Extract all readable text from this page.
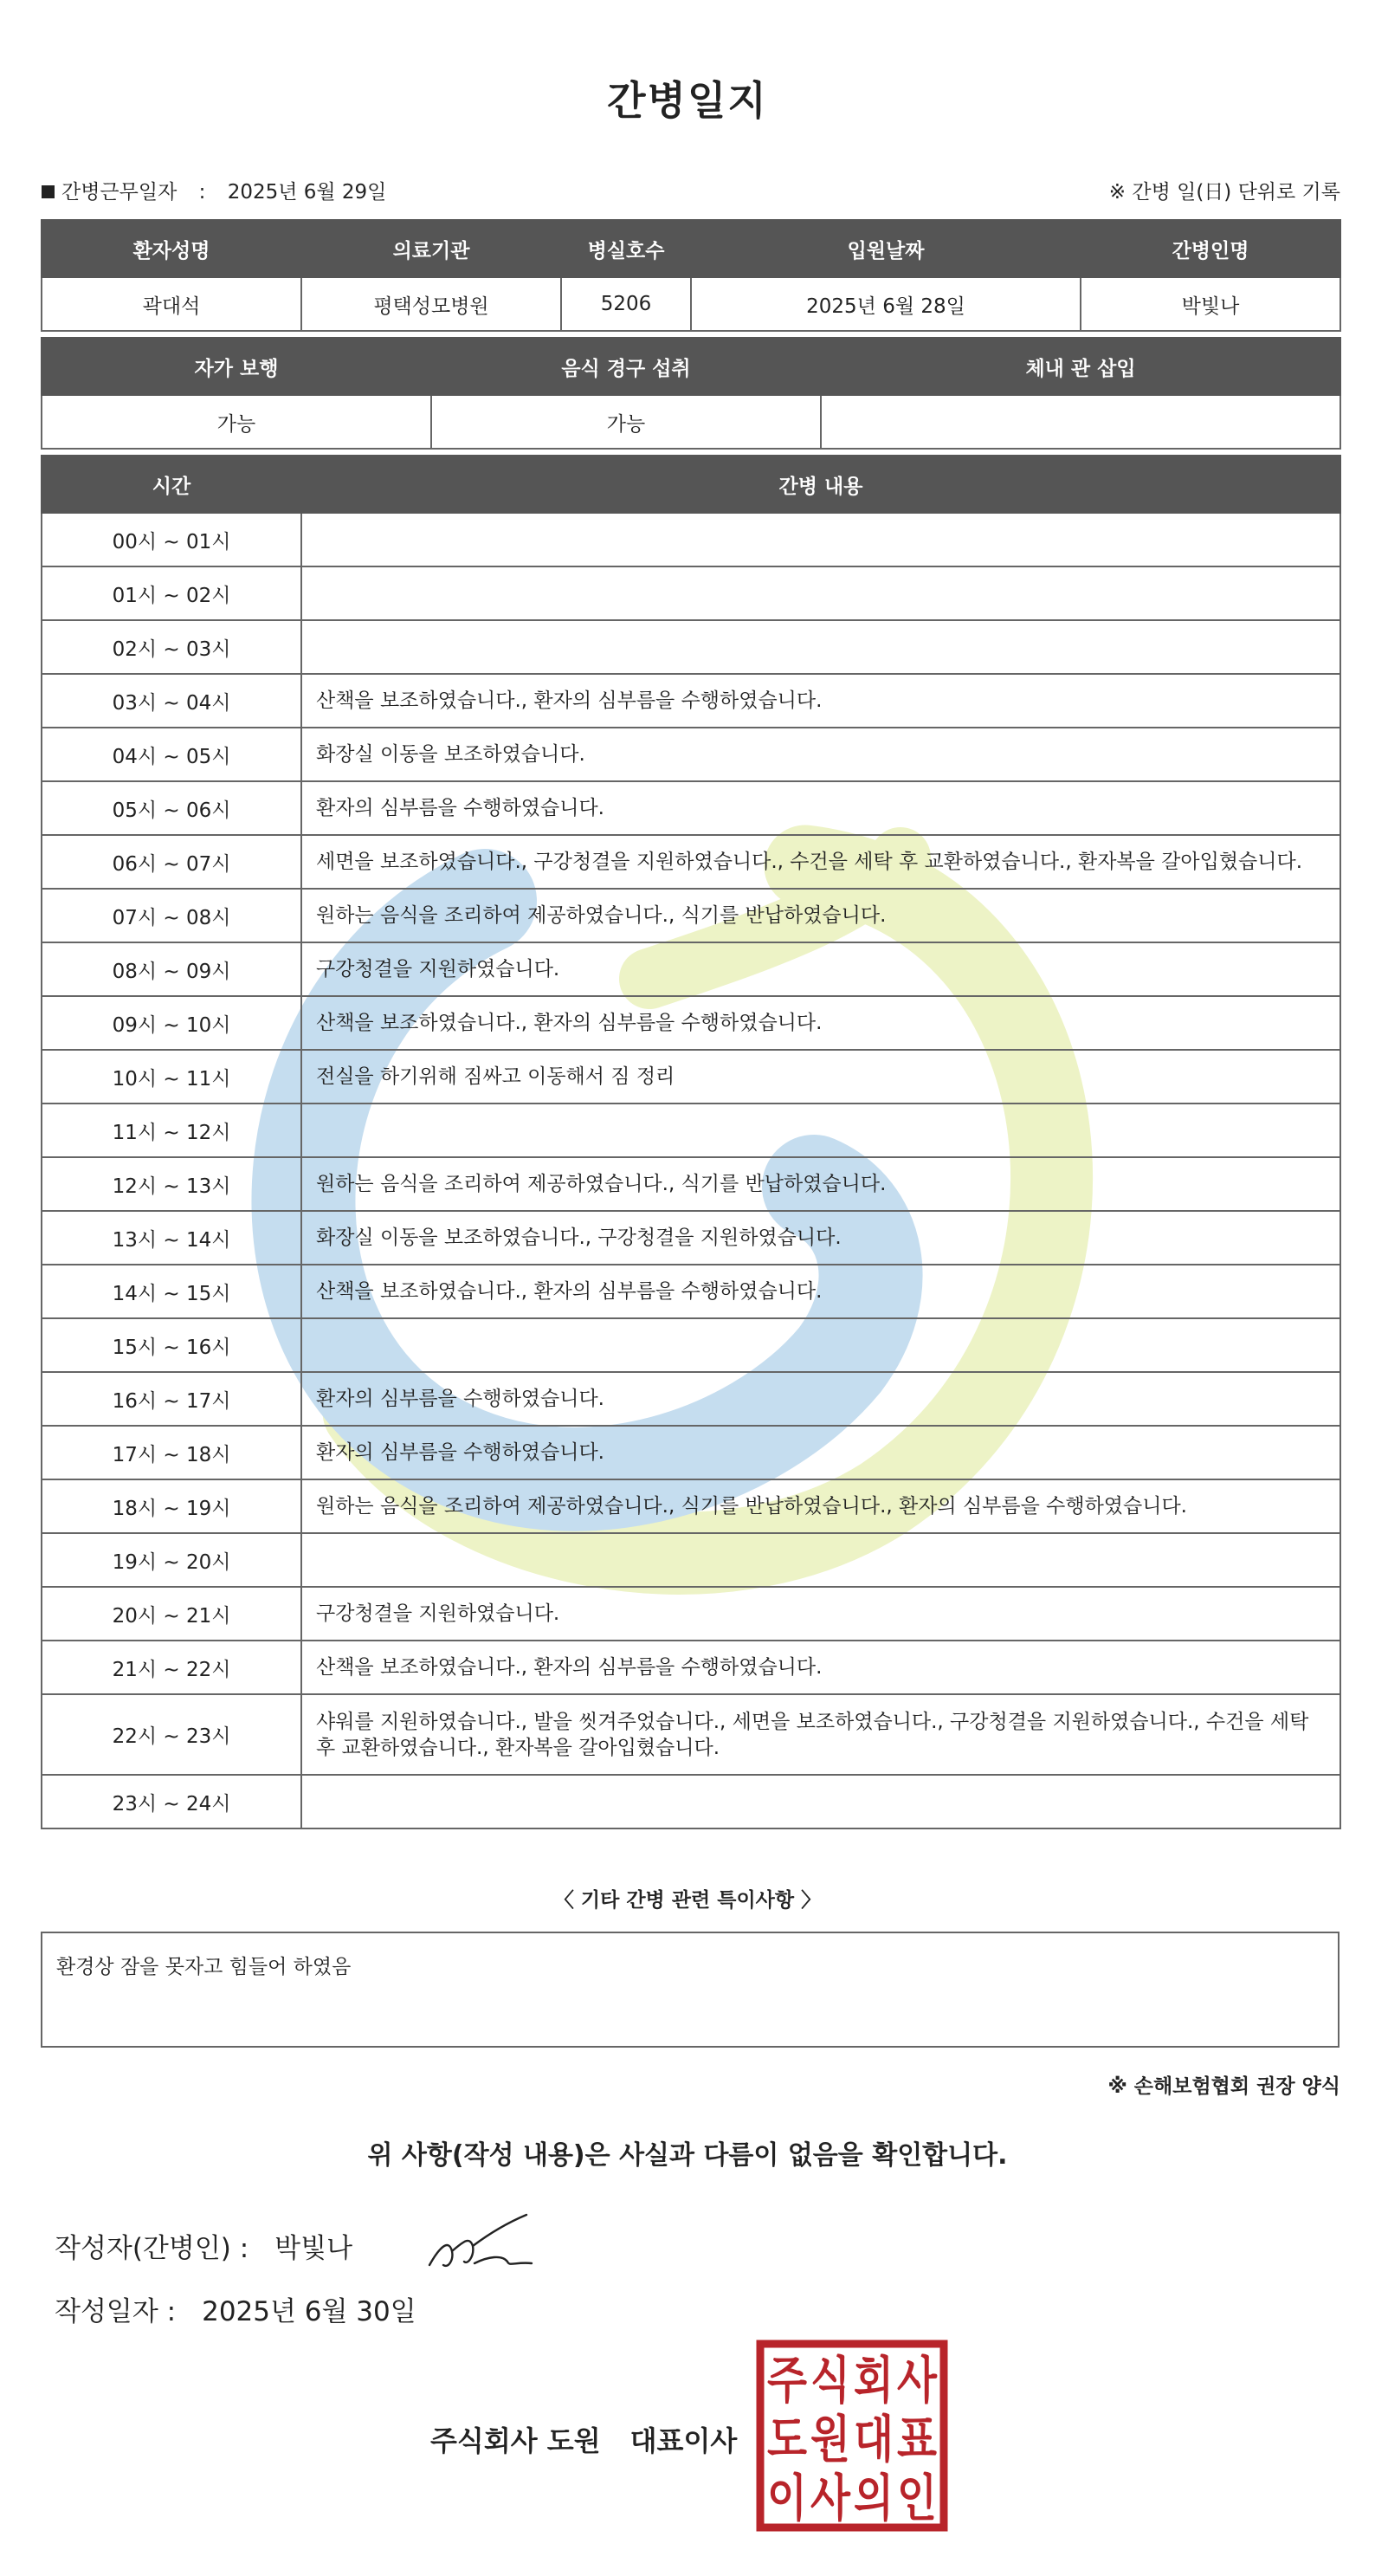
간병일지
간병근무일자 : 2025년 6월 29일	※ 간병 일(日) 단위로 기록
환자성명	의료기관	병실호수	입원날짜	간병인명
곽대석	평택성모병원	5206	2025년 6월 28일	박빛나
자가 보행	음식 경구 섭취	체내 관 삽입
가능	가능	
시간	간병 내용
00시 ~ 01시	
01시 ~ 02시	
02시 ~ 03시	
03시 ~ 04시	산책을 보조하였습니다., 환자의 심부름을 수행하였습니다.
04시 ~ 05시	화장실 이동을 보조하였습니다.
05시 ~ 06시	환자의 심부름을 수행하였습니다.
06시 ~ 07시	세면을 보조하였습니다., 구강청결을 지원하였습니다., 수건을 세탁 후 교환하였습니다., 환자복을 갈아입혔습니다.
07시 ~ 08시	원하는 음식을 조리하여 제공하였습니다., 식기를 반납하였습니다.
08시 ~ 09시	구강청결을 지원하였습니다.
09시 ~ 10시	산책을 보조하였습니다., 환자의 심부름을 수행하였습니다.
10시 ~ 11시	전실을 하기위해 짐싸고 이동해서 짐 정리
11시 ~ 12시	
12시 ~ 13시	원하는 음식을 조리하여 제공하였습니다., 식기를 반납하였습니다.
13시 ~ 14시	화장실 이동을 보조하였습니다., 구강청결을 지원하였습니다.
14시 ~ 15시	산책을 보조하였습니다., 환자의 심부름을 수행하였습니다.
15시 ~ 16시	
16시 ~ 17시	환자의 심부름을 수행하였습니다.
17시 ~ 18시	환자의 심부름을 수행하였습니다.
18시 ~ 19시	원하는 음식을 조리하여 제공하였습니다., 식기를 반납하였습니다., 환자의 심부름을 수행하였습니다.
19시 ~ 20시	
20시 ~ 21시	구강청결을 지원하였습니다.
21시 ~ 22시	산책을 보조하였습니다., 환자의 심부름을 수행하였습니다.
22시 ~ 23시	샤워를 지원하였습니다., 발을 씻겨주었습니다., 세면을 보조하였습니다., 구강청결을 지원하였습니다., 수건을 세탁 후 교환하였습니다., 환자복을 갈아입혔습니다.
23시 ~ 24시	
〈 기타 간병 관련 특이사항 〉
환경상 잠을 못자고 힘들어 하였음
※ 손해보험협회 권장 양식
위 사항(작성 내용)은 사실과 다름이 없음을 확인합니다.
작성자(간병인) : 박빛나
작성일자 : 2025년 6월 30일
주식회사 도원 대표이사
주 식 회 사
도 원 대 표
이 사 의 인
